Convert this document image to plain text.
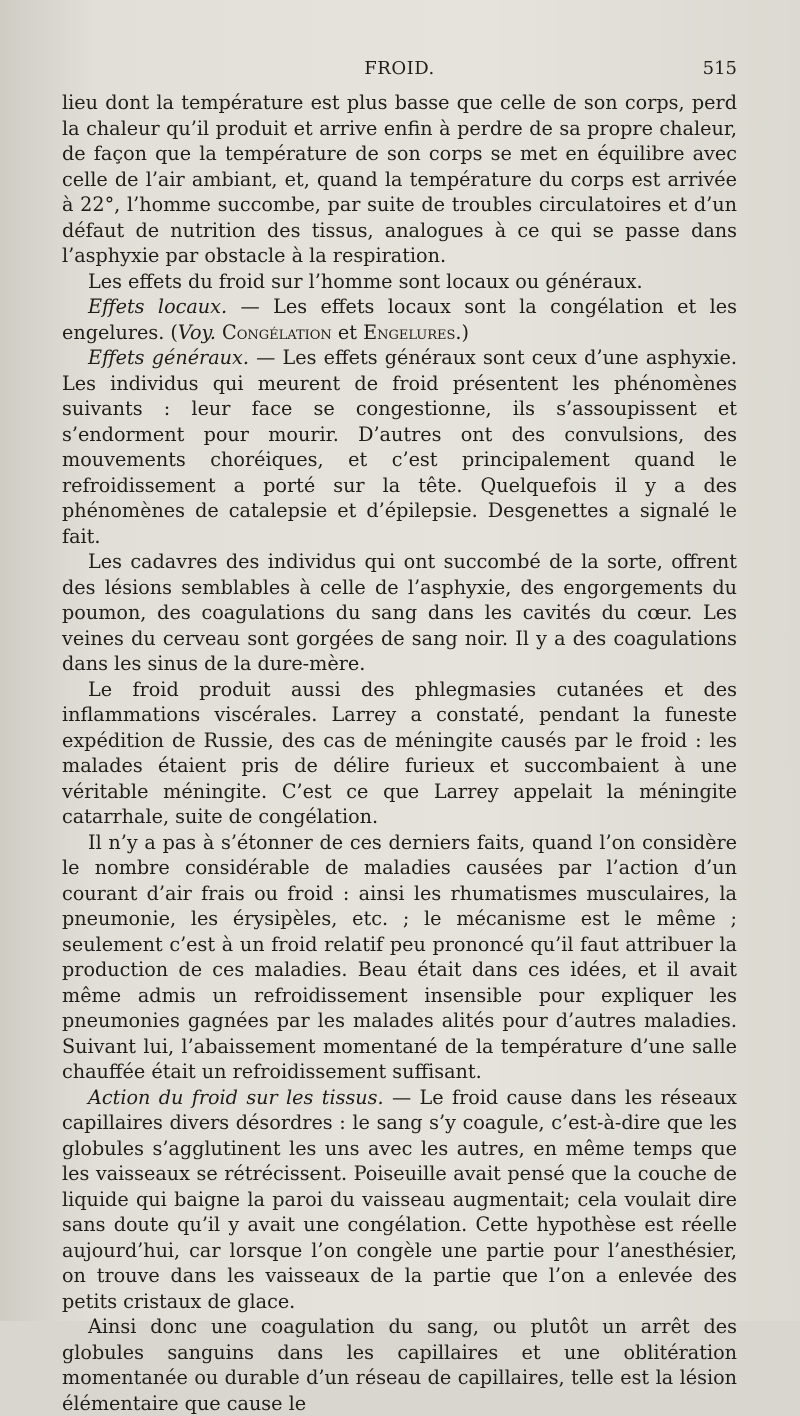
FROID.	515

lieu dont la température est plus basse que celle de son corps, perd la chaleur qu’il produit et arrive enfin à perdre de sa propre chaleur, de façon que la température de son corps se met en équilibre avec celle de l’air ambiant, et, quand la température du corps est arrivée à 22°, l’homme succombe, par suite de troubles circulatoires et d’un défaut de nutrition des tissus, analogues à ce qui se passe dans l’asphyxie par obstacle à la respiration.

Les effets du froid sur l’homme sont locaux ou généraux.

Effets locaux. — Les effets locaux sont la congélation et les engelures. (Voy. Congélation et Engelures.)

Effets généraux. — Les effets généraux sont ceux d’une asphyxie. Les individus qui meurent de froid présentent les phénomènes suivants : leur face se congestionne, ils s’assoupissent et s’endorment pour mourir. D’autres ont des convulsions, des mouvements choréiques, et c’est principalement quand le refroidissement a porté sur la tête. Quelquefois il y a des phénomènes de catalepsie et d’épilepsie. Desgenettes a signalé le fait.

Les cadavres des individus qui ont succombé de la sorte, offrent des lésions semblables à celle de l’asphyxie, des engorgements du poumon, des coagulations du sang dans les cavités du cœur. Les veines du cerveau sont gorgées de sang noir. Il y a des coagulations dans les sinus de la dure-mère.

Le froid produit aussi des phlegmasies cutanées et des inflammations viscérales. Larrey a constaté, pendant la funeste expédition de Russie, des cas de méningite causés par le froid : les malades étaient pris de délire furieux et succombaient à une véritable méningite. C’est ce que Larrey appelait la méningite catarrhale, suite de congélation.

Il n’y a pas à s’étonner de ces derniers faits, quand l’on considère le nombre considérable de maladies causées par l’action d’un courant d’air frais ou froid : ainsi les rhumatismes musculaires, la pneumonie, les érysipèles, etc. ; le mécanisme est le même ; seulement c’est à un froid relatif peu prononcé qu’il faut attribuer la production de ces maladies. Beau était dans ces idées, et il avait même admis un refroidissement insensible pour expliquer les pneumonies gagnées par les malades alités pour d’autres maladies. Suivant lui, l’abaissement momentané de la température d’une salle chauffée était un refroidissement suffisant.

Action du froid sur les tissus. — Le froid cause dans les réseaux capillaires divers désordres : le sang s’y coagule, c’est-à-dire que les globules s’agglutinent les uns avec les autres, en même temps que les vaisseaux se rétrécissent. Poiseuille avait pensé que la couche de liquide qui baigne la paroi du vaisseau augmentait; cela voulait dire sans doute qu’il y avait une congélation. Cette hypothèse est réelle aujourd’hui, car lorsque l’on congèle une partie pour l’anesthésier, on trouve dans les vaisseaux de la partie que l’on a enlevée des petits cristaux de glace.

Ainsi donc une coagulation du sang, ou plutôt un arrêt des globules sanguins dans les capillaires et une oblitération momentanée ou durable d’un réseau de capillaires, telle est la lésion élémentaire que cause le
